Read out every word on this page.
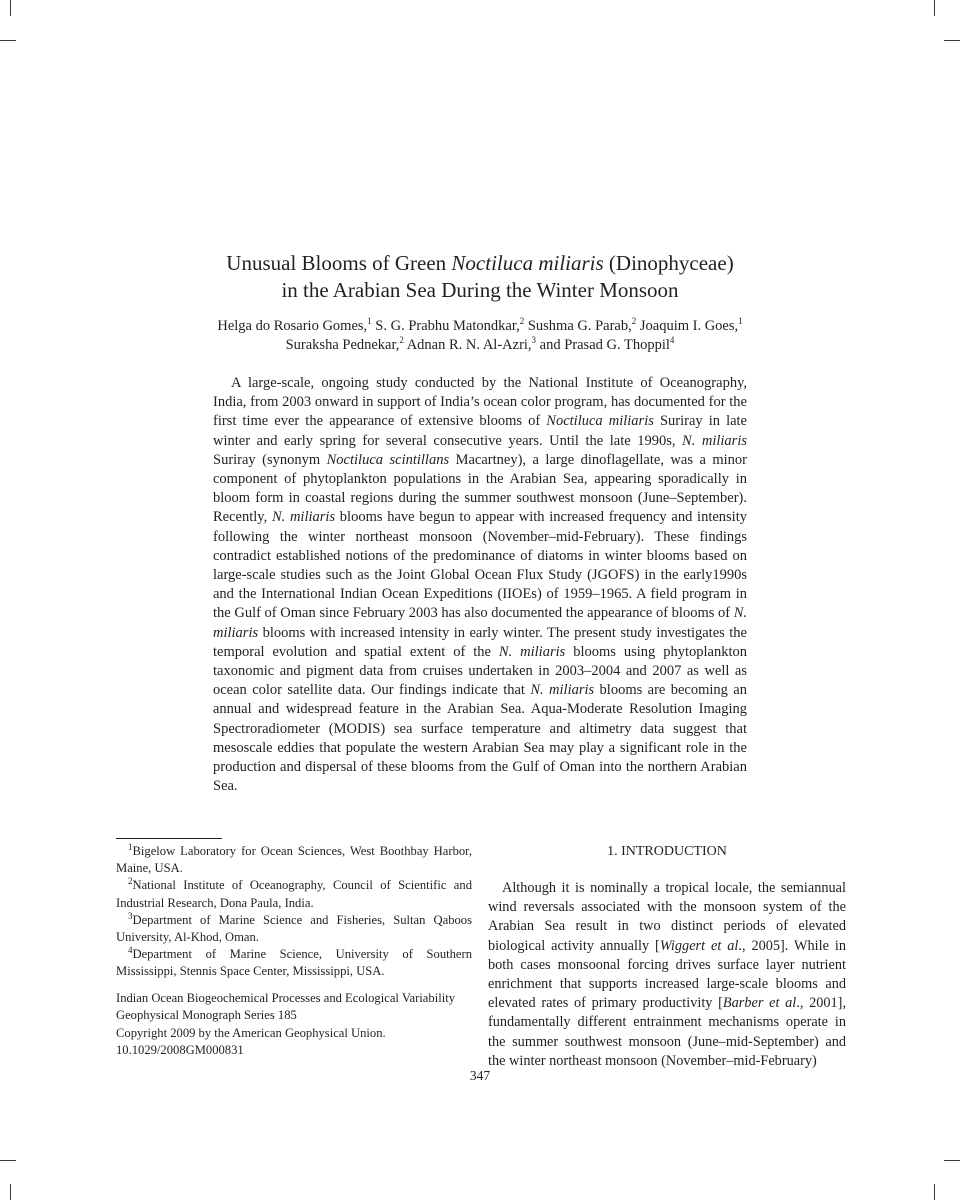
Unusual Blooms of Green Noctiluca miliaris (Dinophyceae)
in the Arabian Sea During the Winter Monsoon
Helga do Rosario Gomes,$^1$ S. G. Prabhu Matondkar,$^2$ Sushma G. Parab,$^2$ Joaquim I. Goes,$^1$
Suraksha Pednekar,$^2$ Adnan R. N. Al-Azri,$^3$ and Prasad G. Thoppil$^4$

A large-scale, ongoing study conducted by the National Institute of Oceanography, India, from 2003 onward in support of India’s ocean color program, has documented for the first time ever the appearance of extensive blooms of Noctiluca miliaris Suriray in late winter and early spring for several consecutive years. Until the late 1990s, N. miliaris Suriray (synonym Noctiluca scintillans Macartney), a large dinoflagellate, was a minor component of phytoplankton populations in the Arabian Sea, appearing sporadically in bloom form in coastal regions during the summer southwest monsoon (June–September). Recently, N. miliaris blooms have begun to appear with increased frequency and intensity following the winter northeast monsoon (November–mid-February). These findings contradict established notions of the predominance of diatoms in winter blooms based on large-scale studies such as the Joint Global Ocean Flux Study (JGOFS) in the early1990s and the International Indian Ocean Expeditions (IIOEs) of 1959–1965. A field program in the Gulf of Oman since February 2003 has also documented the appearance of blooms of N. miliaris blooms with increased intensity in early winter. The present study investigates the temporal evolution and spatial extent of the N. miliaris blooms using phytoplankton taxonomic and pigment data from cruises undertaken in 2003–2004 and 2007 as well as ocean color satellite data. Our findings indicate that N. miliaris blooms are becoming an annual and widespread feature in the Arabian Sea. Aqua-Moderate Resolution Imaging Spectroradiometer (MODIS) sea surface temperature and altimetry data suggest that mesoscale eddies that populate the western Arabian Sea may play a significant role in the production and dispersal of these blooms from the Gulf of Oman into the northern Arabian Sea.

$^1$Bigelow Laboratory for Ocean Sciences, West Boothbay Harbor, Maine, USA.

$^2$National Institute of Oceanography, Council of Scientific and Industrial Research, Dona Paula, India.

$^3$Department of Marine Science and Fisheries, Sultan Qaboos University, Al-Khod, Oman.

$^4$Department of Marine Science, University of Southern Mississippi, Stennis Space Center, Mississippi, USA.

Indian Ocean Biogeochemical Processes and Ecological Variability
Geophysical Monograph Series 185
Copyright 2009 by the American Geophysical Union.
10.1029/2008GM000831
1. INTRODUCTION

Although it is nominally a tropical locale, the semiannual wind reversals associated with the monsoon system of the Arabian Sea result in two distinct periods of elevated biological activity annually [Wiggert et al., 2005]. While in both cases monsoonal forcing drives surface layer nutrient enrichment that supports increased large-scale blooms and elevated rates of primary productivity [Barber et al., 2001], fundamentally different entrainment mechanisms operate in the summer southwest monsoon (June–mid-September) and the winter northeast monsoon (November–mid-February)

347
